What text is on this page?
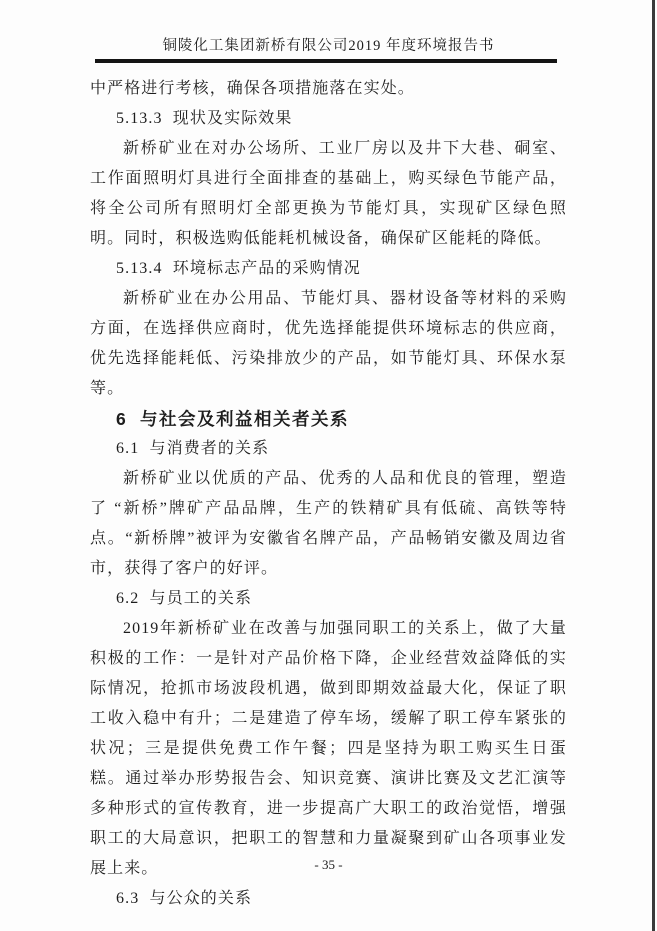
铜陵化工集团新桥有限公司2019 年度环境报告书

中严格进行考核，确保各项措施落在实处。

5.13.3  现状及实际效果

新桥矿业在对办公场所、工业厂房以及井下大巷、硐室、工作面照明灯具进行全面排查的基础上，购买绿色节能产品，将全公司所有照明灯全部更换为节能灯具，实现矿区绿色照明。同时，积极选购低能耗机械设备，确保矿区能耗的降低。

5.13.4  环境标志产品的采购情况

新桥矿业在办公用品、节能灯具、器材设备等材料的采购方面，在选择供应商时，优先选择能提供环境标志的供应商，优先选择能耗低、污染排放少的产品，如节能灯具、环保水泵等。

6  与社会及利益相关者关系

6.1  与消费者的关系

新桥矿业以优质的产品、优秀的人品和优良的管理，塑造了 “新桥”牌矿产品品牌，生产的铁精矿具有低硫、高铁等特点。“新桥牌”被评为安徽省名牌产品，产品畅销安徽及周边省市，获得了客户的好评。

6.2  与员工的关系

2019年新桥矿业在改善与加强同职工的关系上，做了大量积极的工作：一是针对产品价格下降，企业经营效益降低的实际情况，抢抓市场波段机遇，做到即期效益最大化，保证了职工收入稳中有升；二是建造了停车场，缓解了职工停车紧张的状况；三是提供免费工作午餐；四是坚持为职工购买生日蛋糕。通过举办形势报告会、知识竞赛、演讲比赛及文艺汇演等多种形式的宣传教育，进一步提高广大职工的政治觉悟，增强职工的大局意识，把职工的智慧和力量凝聚到矿山各项事业发展上来。

6.3  与公众的关系

- 35 -
